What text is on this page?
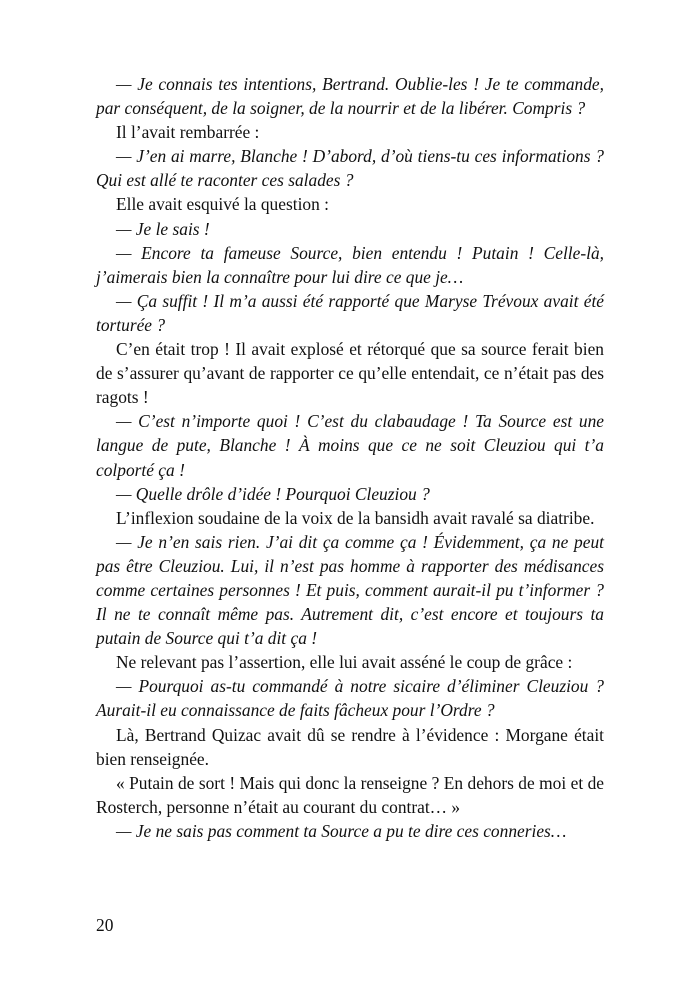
— Je connais tes intentions, Bertrand. Oublie-les ! Je te commande, par conséquent, de la soigner, de la nourrir et de la libérer. Compris ?

Il l’avait rembarrée :

— J’en ai marre, Blanche ! D’abord, d’où tiens-tu ces informations ? Qui est allé te raconter ces salades ?

Elle avait esquivé la question :

— Je le sais !

— Encore ta fameuse Source, bien entendu ! Putain ! Celle-là, j’aimerais bien la connaître pour lui dire ce que je…

— Ça suffit ! Il m’a aussi été rapporté que Maryse Trévoux avait été torturée ?

C’en était trop ! Il avait explosé et rétorqué que sa source ferait bien de s’assurer qu’avant de rapporter ce qu’elle entendait, ce n’était pas des ragots !

— C’est n’importe quoi ! C’est du clabaudage ! Ta Source est une langue de pute, Blanche ! À moins que ce ne soit Cleuziou qui t’a colporté ça !

— Quelle drôle d’idée ! Pourquoi Cleuziou ?

L’inflexion soudaine de la voix de la bansidh avait ravalé sa diatribe.

— Je n’en sais rien. J’ai dit ça comme ça ! Évidemment, ça ne peut pas être Cleuziou. Lui, il n’est pas homme à rapporter des médisances comme certaines personnes ! Et puis, comment aurait-il pu t’informer ? Il ne te connaît même pas. Autrement dit, c’est encore et toujours ta putain de Source qui t’a dit ça !

Ne relevant pas l’assertion, elle lui avait asséné le coup de grâce :

— Pourquoi as-tu commandé à notre sicaire d’éliminer Cleuziou ? Aurait-il eu connaissance de faits fâcheux pour l’Ordre ?

Là, Bertrand Quizac avait dû se rendre à l’évidence : Morgane était bien renseignée.

« Putain de sort ! Mais qui donc la renseigne ? En dehors de moi et de Rosterch, personne n’était au courant du contrat… »

— Je ne sais pas comment ta Source a pu te dire ces conneries…

20
